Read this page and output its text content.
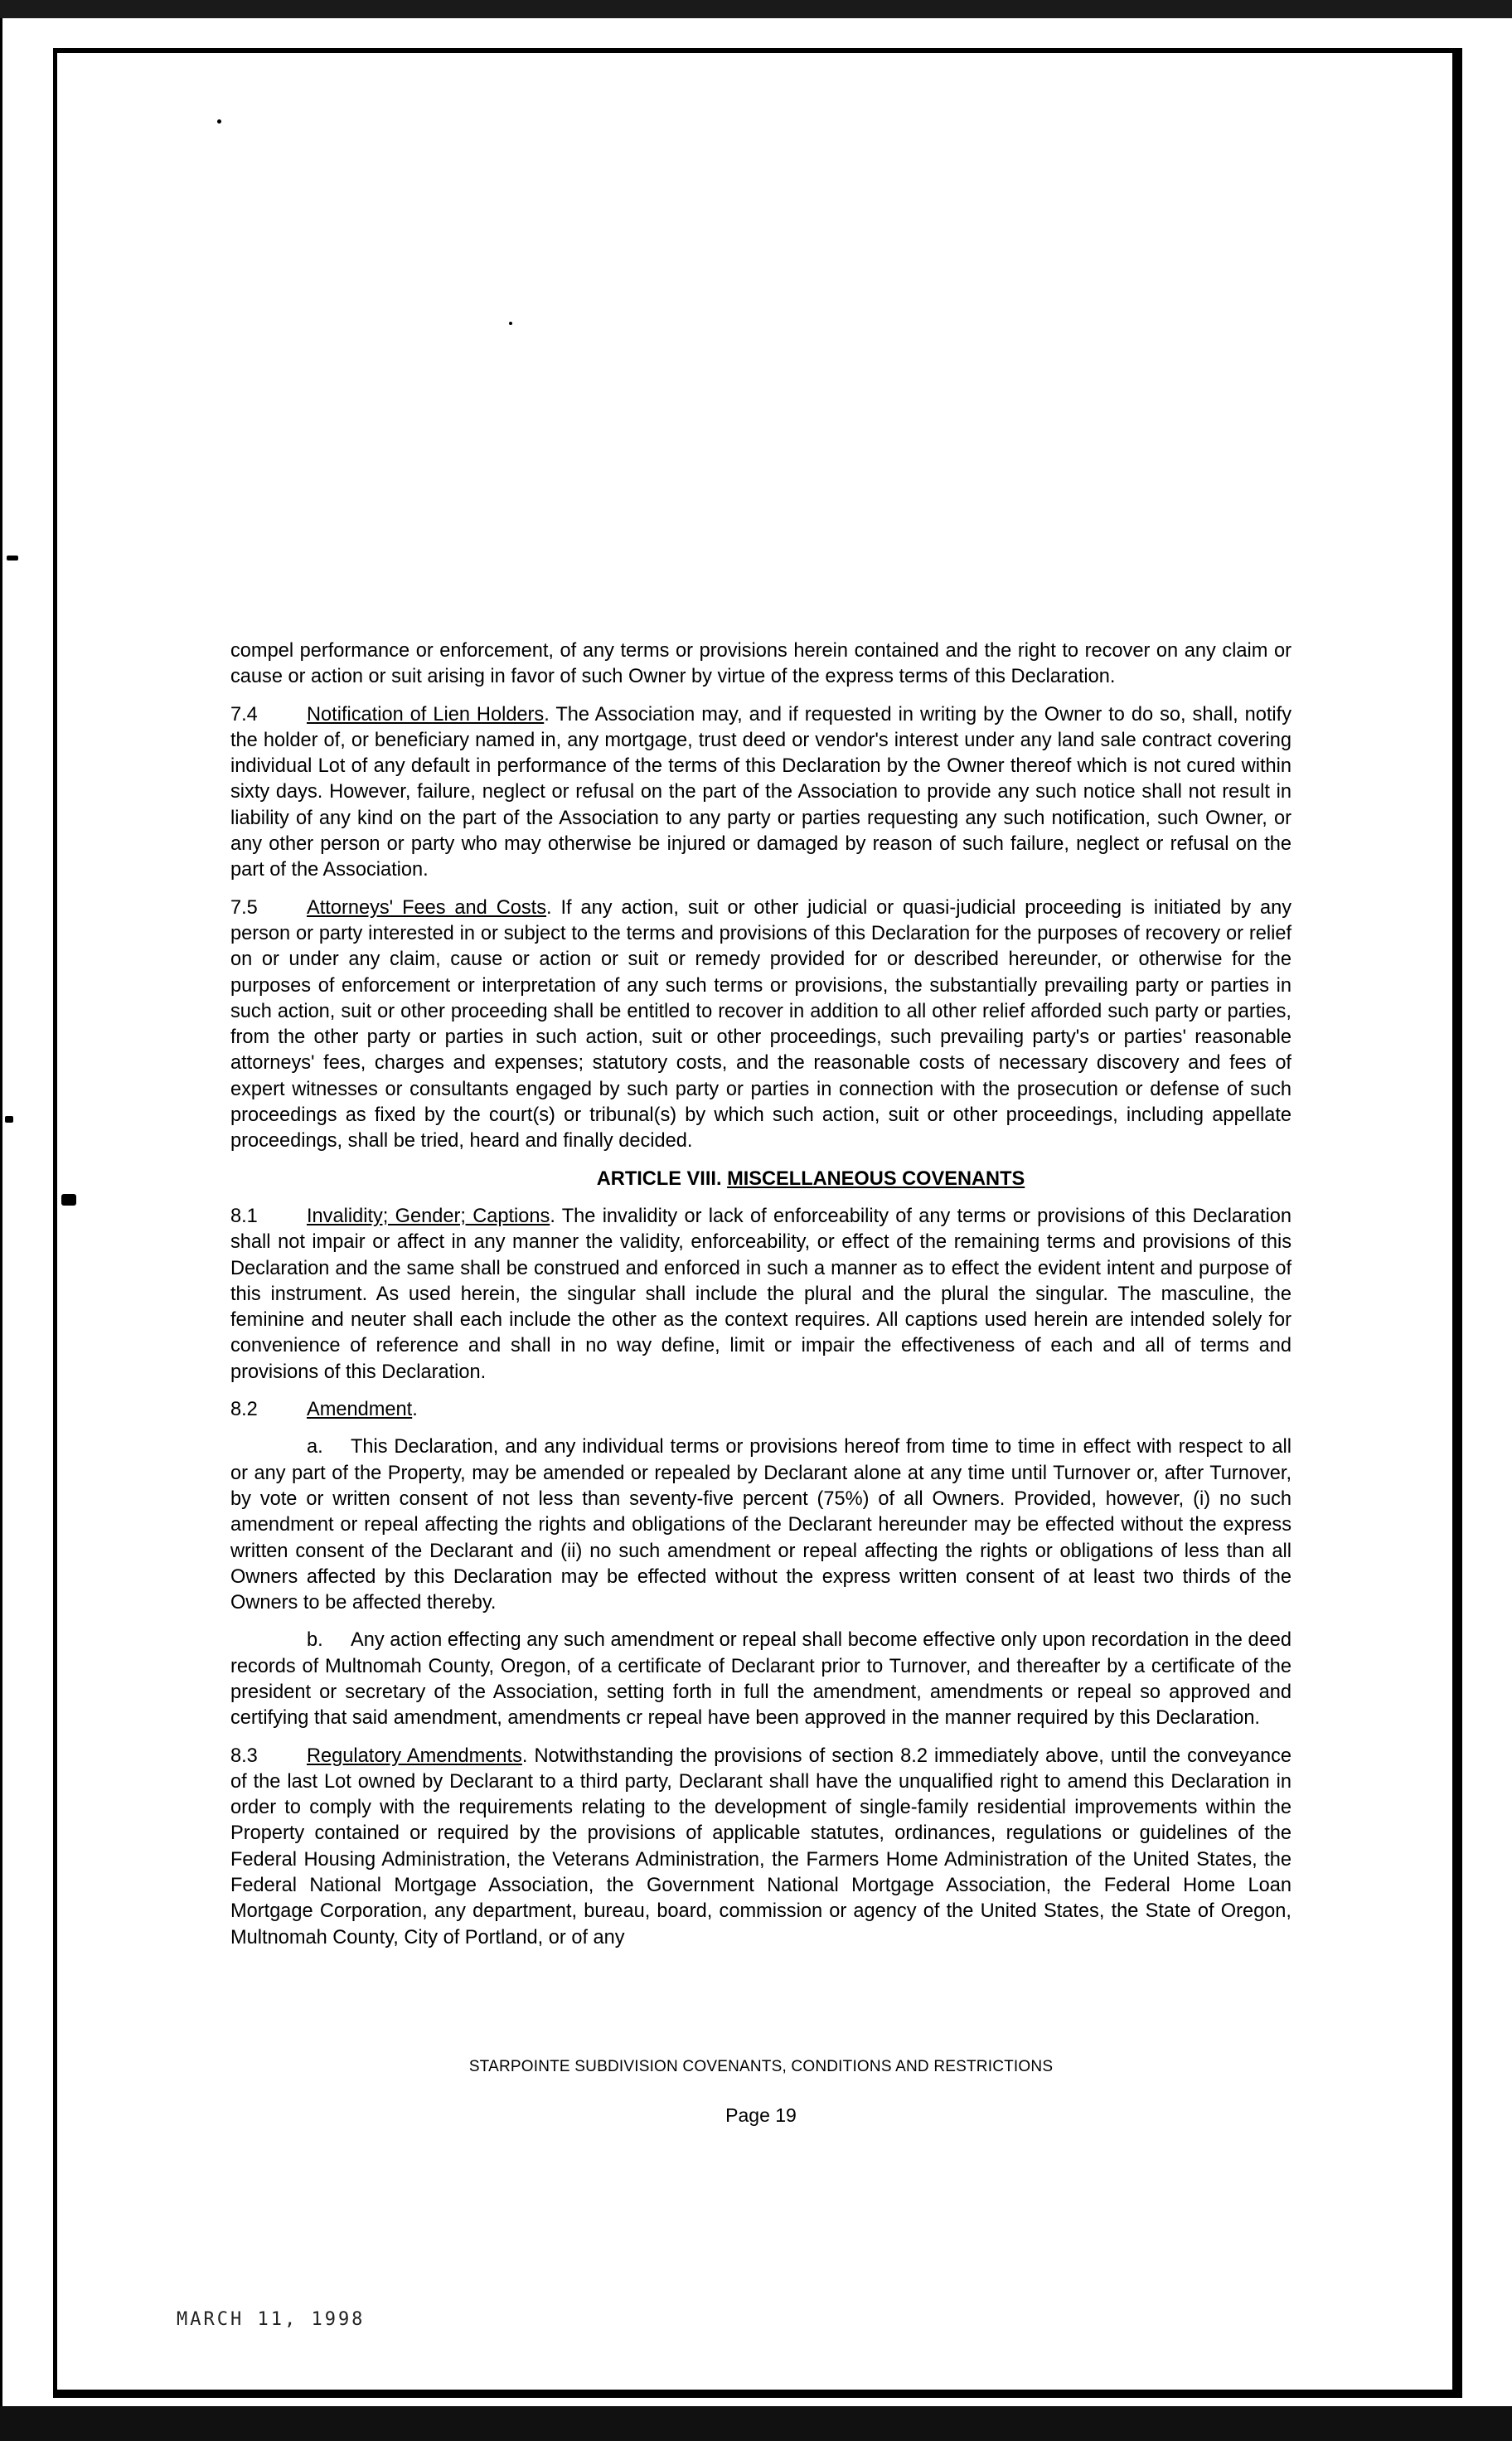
compel performance or enforcement, of any terms or provisions herein contained and the right to recover on any claim or cause or action or suit arising in favor of such Owner by virtue of the express terms of this Declaration.

7.4	Notification of Lien Holders. The Association may, and if requested in writing by the Owner to do so, shall, notify the holder of, or beneficiary named in, any mortgage, trust deed or vendor's interest under any land sale contract covering individual Lot of any default in performance of the terms of this Declaration by the Owner thereof which is not cured within sixty days. However, failure, neglect or refusal on the part of the Association to provide any such notice shall not result in liability of any kind on the part of the Association to any party or parties requesting any such notification, such Owner, or any other person or party who may otherwise be injured or damaged by reason of such failure, neglect or refusal on the part of the Association.

7.5	Attorneys' Fees and Costs. If any action, suit or other judicial or quasi-judicial proceeding is initiated by any person or party interested in or subject to the terms and provisions of this Declaration for the purposes of recovery or relief on or under any claim, cause or action or suit or remedy provided for or described hereunder, or otherwise for the purposes of enforcement or interpretation of any such terms or provisions, the substantially prevailing party or parties in such action, suit or other proceeding shall be entitled to recover in addition to all other relief afforded such party or parties, from the other party or parties in such action, suit or other proceedings, such prevailing party's or parties' reasonable attorneys' fees, charges and expenses; statutory costs, and the reasonable costs of necessary discovery and fees of expert witnesses or consultants engaged by such party or parties in connection with the prosecution or defense of such proceedings as fixed by the court(s) or tribunal(s) by which such action, suit or other proceedings, including appellate proceedings, shall be tried, heard and finally decided.

ARTICLE VIII. MISCELLANEOUS COVENANTS

8.1	Invalidity; Gender; Captions. The invalidity or lack of enforceability of any terms or provisions of this Declaration shall not impair or affect in any manner the validity, enforceability, or effect of the remaining terms and provisions of this Declaration and the same shall be construed and enforced in such a manner as to effect the evident intent and purpose of this instrument. As used herein, the singular shall include the plural and the plural the singular. The masculine, the feminine and neuter shall each include the other as the context requires. All captions used herein are intended solely for convenience of reference and shall in no way define, limit or impair the effectiveness of each and all of terms and provisions of this Declaration.

8.2	Amendment.

a. This Declaration, and any individual terms or provisions hereof from time to time in effect with respect to all or any part of the Property, may be amended or repealed by Declarant alone at any time until Turnover or, after Turnover, by vote or written consent of not less than seventy-five percent (75%) of all Owners. Provided, however, (i) no such amendment or repeal affecting the rights and obligations of the Declarant hereunder may be effected without the express written consent of the Declarant and (ii) no such amendment or repeal affecting the rights or obligations of less than all Owners affected by this Declaration may be effected without the express written consent of at least two thirds of the Owners to be affected thereby.

b. Any action effecting any such amendment or repeal shall become effective only upon recordation in the deed records of Multnomah County, Oregon, of a certificate of Declarant prior to Turnover, and thereafter by a certificate of the president or secretary of the Association, setting forth in full the amendment, amendments or repeal so approved and certifying that said amendment, amendments cr repeal have been approved in the manner required by this Declaration.

8.3	Regulatory Amendments. Notwithstanding the provisions of section 8.2 immediately above, until the conveyance of the last Lot owned by Declarant to a third party, Declarant shall have the unqualified right to amend this Declaration in order to comply with the requirements relating to the development of single-family residential improvements within the Property contained or required by the provisions of applicable statutes, ordinances, regulations or guidelines of the Federal Housing Administration, the Veterans Administration, the Farmers Home Administration of the United States, the Federal National Mortgage Association, the Government National Mortgage Association, the Federal Home Loan Mortgage Corporation, any department, bureau, board, commission or agency of the United States, the State of Oregon, Multnomah County, City of Portland, or of any

STARPOINTE SUBDIVISION COVENANTS, CONDITIONS AND RESTRICTIONS
Page 19
MARCH 11, 1998
